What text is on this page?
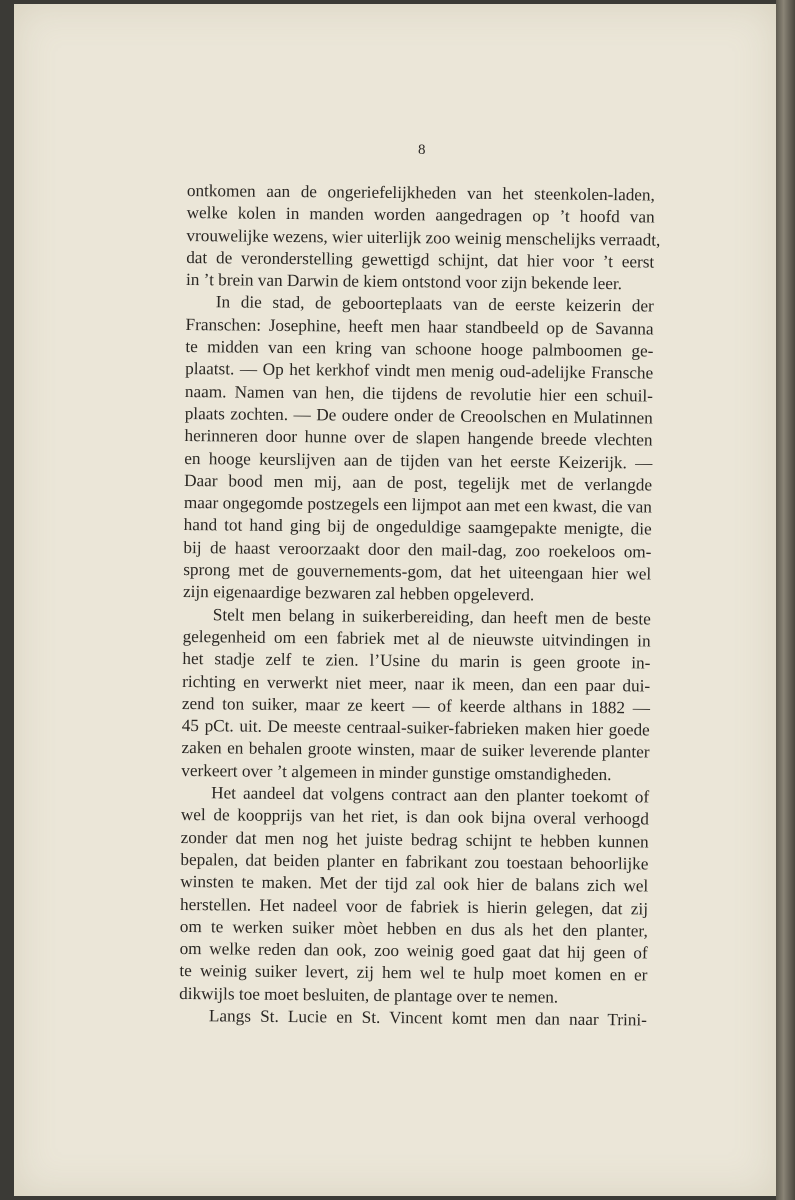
8
ontkomen aan de ongeriefelijkheden van het steenkolen-laden,
welke kolen in manden worden aangedragen op ’t hoofd van
vrouwelijke wezens, wier uiterlijk zoo weinig menschelijks verraadt,
dat de veronderstelling gewettigd schijnt, dat hier voor ’t eerst
in ’t brein van Darwin de kiem ontstond voor zijn bekende leer.
In die stad, de geboorteplaats van de eerste keizerin der
Franschen: Josephine, heeft men haar standbeeld op de Savanna
te midden van een kring van schoone hooge palmboomen ge-
plaatst. — Op het kerkhof vindt men menig oud-adelijke Fransche
naam. Namen van hen, die tijdens de revolutie hier een schuil-
plaats zochten. — De oudere onder de Creoolschen en Mulatinnen
herinneren door hunne over de slapen hangende breede vlechten
en hooge keurslijven aan de tijden van het eerste Keizerijk. —
Daar bood men mij, aan de post, tegelijk met de verlangde
maar ongegomde postzegels een lijmpot aan met een kwast, die van
hand tot hand ging bij de ongeduldige saamgepakte menigte, die
bij de haast veroorzaakt door den mail-dag, zoo roekeloos om-
sprong met de gouvernements-gom, dat het uiteengaan hier wel
zijn eigenaardige bezwaren zal hebben opgeleverd.
Stelt men belang in suikerbereiding, dan heeft men de beste
gelegenheid om een fabriek met al de nieuwste uitvindingen in
het stadje zelf te zien. l’Usine du marin is geen groote in-
richting en verwerkt niet meer, naar ik meen, dan een paar dui-
zend ton suiker, maar ze keert — of keerde althans in 1882 —
45 pCt. uit. De meeste centraal-suiker-fabrieken maken hier goede
zaken en behalen groote winsten, maar de suiker leverende planter
verkeert over ’t algemeen in minder gunstige omstandigheden.
Het aandeel dat volgens contract aan den planter toekomt of
wel de koopprijs van het riet, is dan ook bijna overal verhoogd
zonder dat men nog het juiste bedrag schijnt te hebben kunnen
bepalen, dat beiden planter en fabrikant zou toestaan behoorlijke
winsten te maken. Met der tijd zal ook hier de balans zich wel
herstellen. Het nadeel voor de fabriek is hierin gelegen, dat zij
om te werken suiker mòet hebben en dus als het den planter,
om welke reden dan ook, zoo weinig goed gaat dat hij geen of
te weinig suiker levert, zij hem wel te hulp moet komen en er
dikwijls toe moet besluiten, de plantage over te nemen.
Langs St. Lucie en St. Vincent komt men dan naar Trini-
